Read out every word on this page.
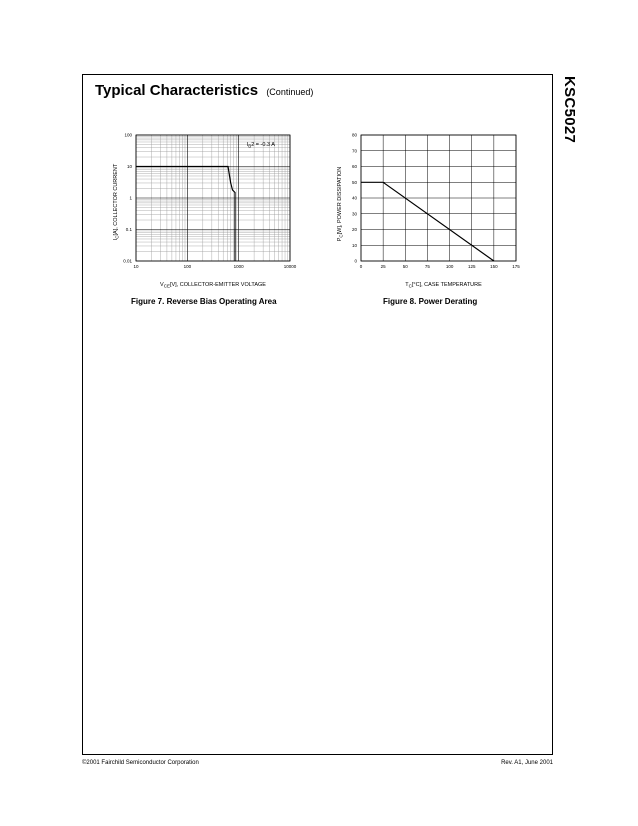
KSC5027
Typical Characteristics (Continued)
10	100	1000	10000
0.01
0.1
1
10
100
$I_B2 = -0.3$ A
$V_{CE}[V]$, COLLECTOR-EMITTER VOLTAGE
$I_C[A]$, COLLECTOR CURRENT
0	25	50	75	100	125	150	175
0
10
20
30
40
50
60
70
80
$T_C[^\circ C]$, CASE TEMPERATURE
$P_C[W]$, POWER DISSIPATION
Figure 7. Reverse Bias Operating Area	Figure 8. Power Derating
©2001 Fairchild Semiconductor Corporation	Rev. A1, June 2001
